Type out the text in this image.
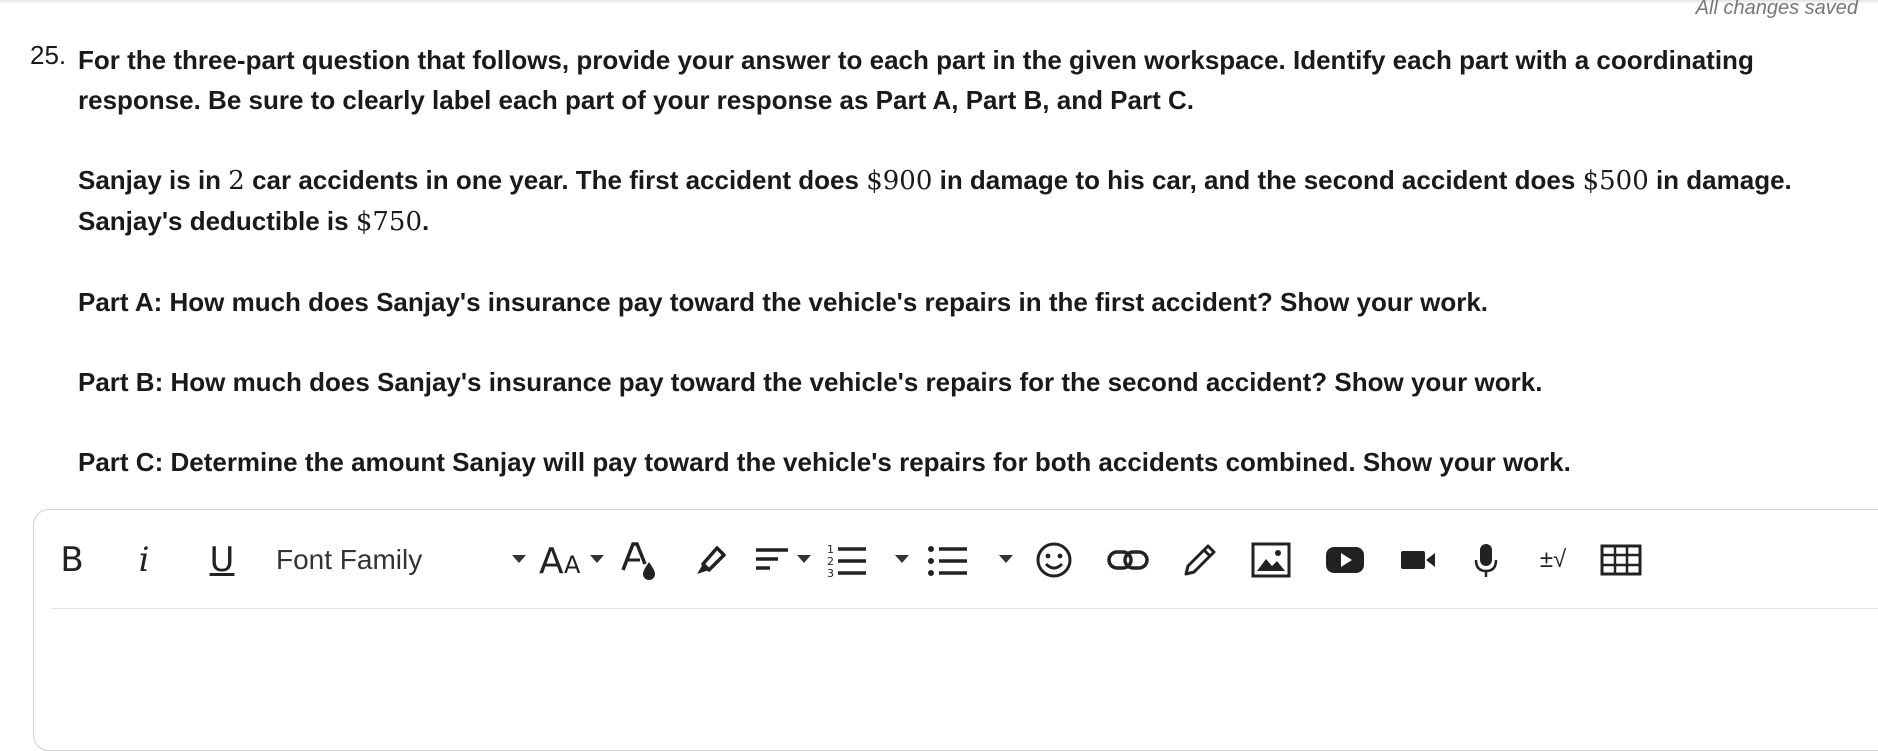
All changes saved
25. For the three-part question that follows, provide your answer to each part in the given workspace. Identify each part with a coordinating response. Be sure to clearly label each part of your response as Part A, Part B, and Part C.

Sanjay is in 2 car accidents in one year. The first accident does $900 in damage to his car, and the second accident does $500 in damage. Sanjay's deductible is $750.

Part A: How much does Sanjay's insurance pay toward the vehicle's repairs in the first accident? Show your work.

Part B: How much does Sanjay's insurance pay toward the vehicle's repairs for the second accident? Show your work.

Part C: Determine the amount Sanjay will pay toward the vehicle's repairs for both accidents combined. Show your work.

B	i	U Font Family	A A
1
2
3
±√
